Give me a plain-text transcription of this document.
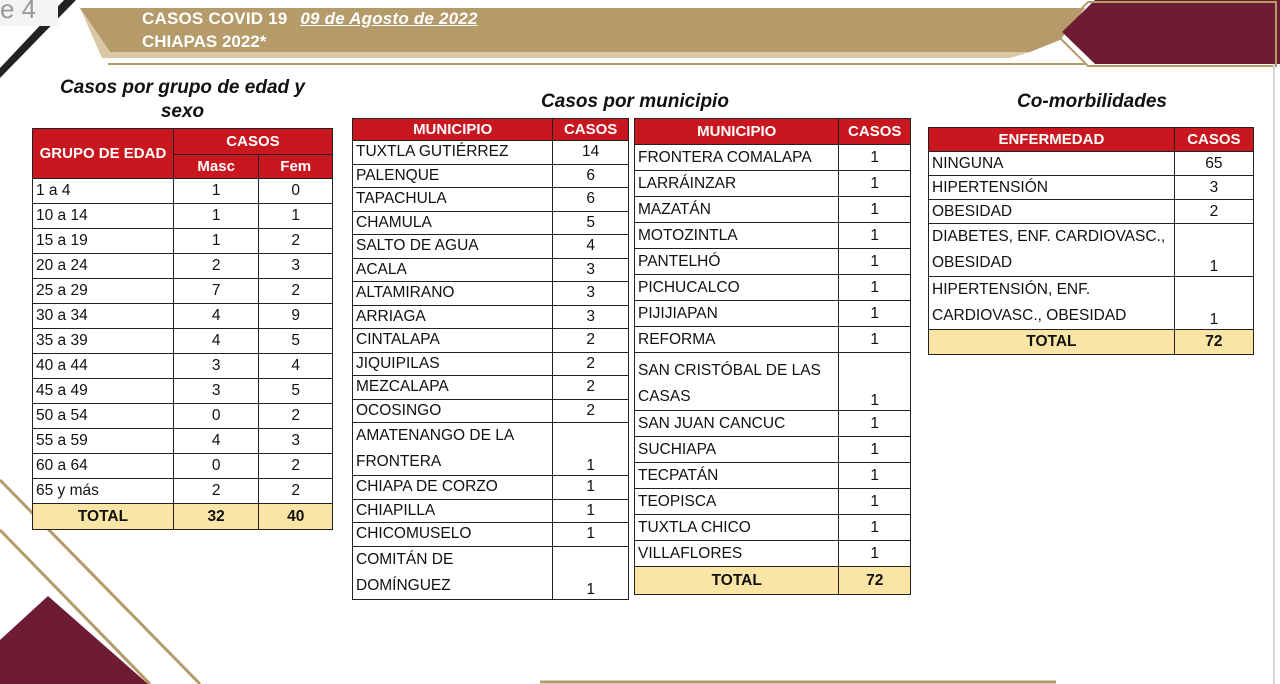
e 4	CASOS COVID 19 09 de Agosto de 2022
CHIAPAS 2022*
Casos por grupo de edad y
sexo
GRUPO DE EDAD	CASOS	
	Masc	Fem
1 a 4	1	0
10 a 14	1	1
15 a 19	1	2
20 a 24	2	3
25 a 29	7	2
30 a 34	4	9
35 a 39	4	5
40 a 44	3	4
45 a 49	3	5
50 a 54	0	2
55 a 59	4	3
60 a 64	0	2
65 y más	2	2
TOTAL	32	40
Casos por municipio
MUNICIPIO	CASOS
TUXTLA GUTIÉRREZ	14
PALENQUE	6
TAPACHULA	6
CHAMULA	5
SALTO DE AGUA	4
ACALA	3
ALTAMIRANO	3
ARRIAGA	3
CINTALAPA	2
JIQUIPILAS	2
MEZCALAPA	2
OCOSINGO	2

AMATENANGO DE LA
FRONTERA	1
CHIAPA DE CORZO	1
CHIAPILLA	1
CHICOMUSELO	1

COMITÁN DE
DOMÍNGUEZ	1
MUNICIPIO	CASOS
FRONTERA COMALAPA	1
LARRÁINZAR	1
MAZATÁN	1
MOTOZINTLA	1
PANTELHÓ	1
PICHUCALCO	1
PIJIJIAPAN	1
REFORMA	1

SAN CRISTÓBAL DE LAS
CASAS	1
SAN JUAN CANCUC	1
SUCHIAPA	1
TECPATÁN	1
TEOPISCA	1
TUXTLA CHICO	1
VILLAFLORES	1
TOTAL	72
Co-morbilidades
ENFERMEDAD	CASOS
NINGUNA	65
HIPERTENSIÓN	3
OBESIDAD	2

DIABETES, ENF. CARDIOVASC.,
OBESIDAD	1

HIPERTENSIÓN, ENF.
CARDIOVASC., OBESIDAD	1
TOTAL	72
